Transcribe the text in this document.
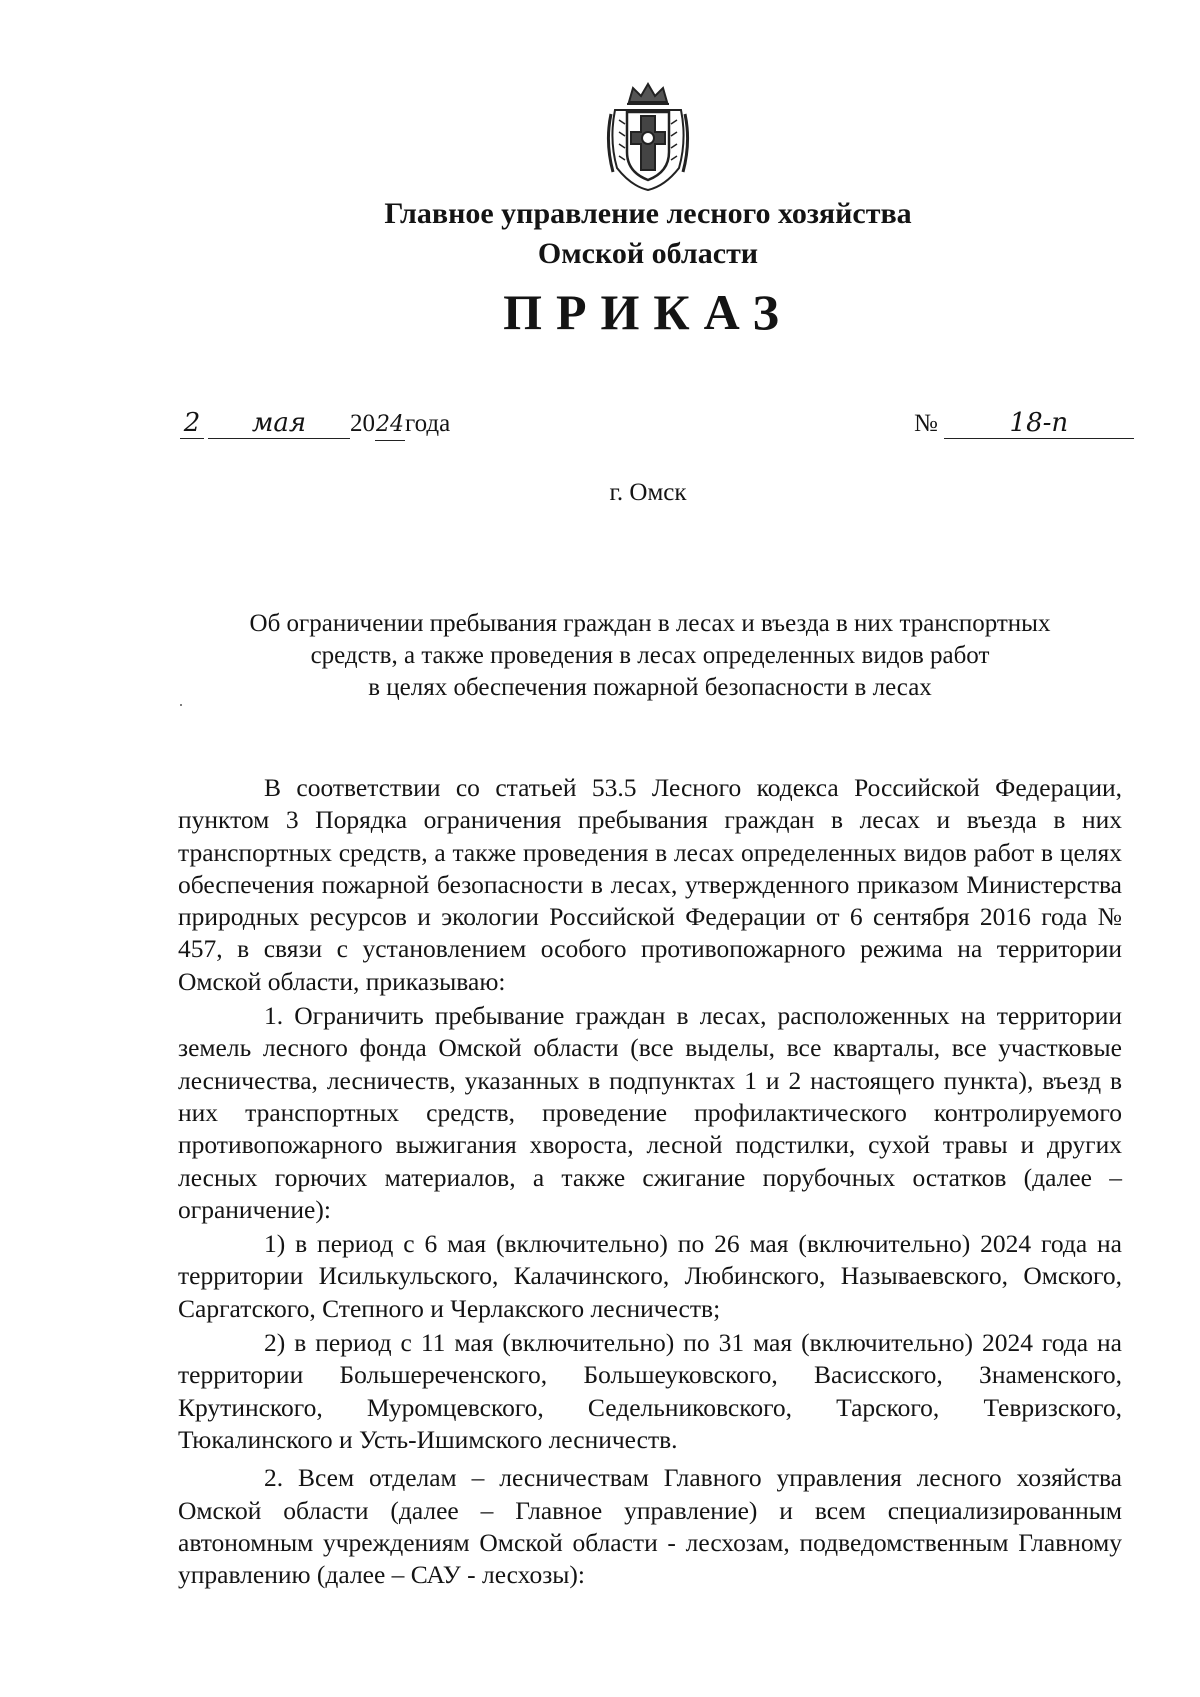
Главное управление лесного хозяйства
Омской области
ПРИКАЗ
2 мая 2024года	№	18-п
г. Омск
Об ограничении пребывания граждан в лесах и въезда в них транспортных
средств, а также проведения в лесах определенных видов работ
в целях обеспечения пожарной безопасности в лесах

В соответствии со статьей 53.5 Лесного кодекса Российской Федерации, пунктом 3 Порядка ограничения пребывания граждан в лесах и въезда в них транспортных средств, а также проведения в лесах определенных видов работ в целях обеспечения пожарной безопасности в лесах, утвержденного приказом Министерства природных ресурсов и экологии Российской Федерации от 6 сентября 2016 года № 457, в связи с установлением особого противопожарного режима на территории Омской области, приказываю:

1. Ограничить пребывание граждан в лесах, расположенных на территории земель лесного фонда Омской области (все выделы, все кварталы, все участковые лесничества, лесничеств, указанных в подпунктах 1 и 2 настоящего пункта), въезд в них транспортных средств, проведение профилактического контролируемого противопожарного выжигания хвороста, лесной подстилки, сухой травы и других лесных горючих материалов, а также сжигание порубочных остатков (далее – ограничение):

1) в период с 6 мая (включительно) по 26 мая (включительно) 2024 года на территории Исилькульского, Калачинского, Любинского, Называевского, Омского, Саргатского, Степного и Черлакского лесничеств;

2) в период с 11 мая (включительно) по 31 мая (включительно) 2024 года на территории Большереченского, Большеуковского, Васисского, Знаменского, Крутинского, Муромцевского, Седельниковского, Тарского, Тевризского, Тюкалинского и Усть-Ишимского лесничеств.

2. Всем отделам – лесничествам Главного управления лесного хозяйства Омской области (далее – Главное управление) и всем специализированным автономным учреждениям Омской области - лесхозам, подведомственным Главному управлению (далее – САУ - лесхозы):
